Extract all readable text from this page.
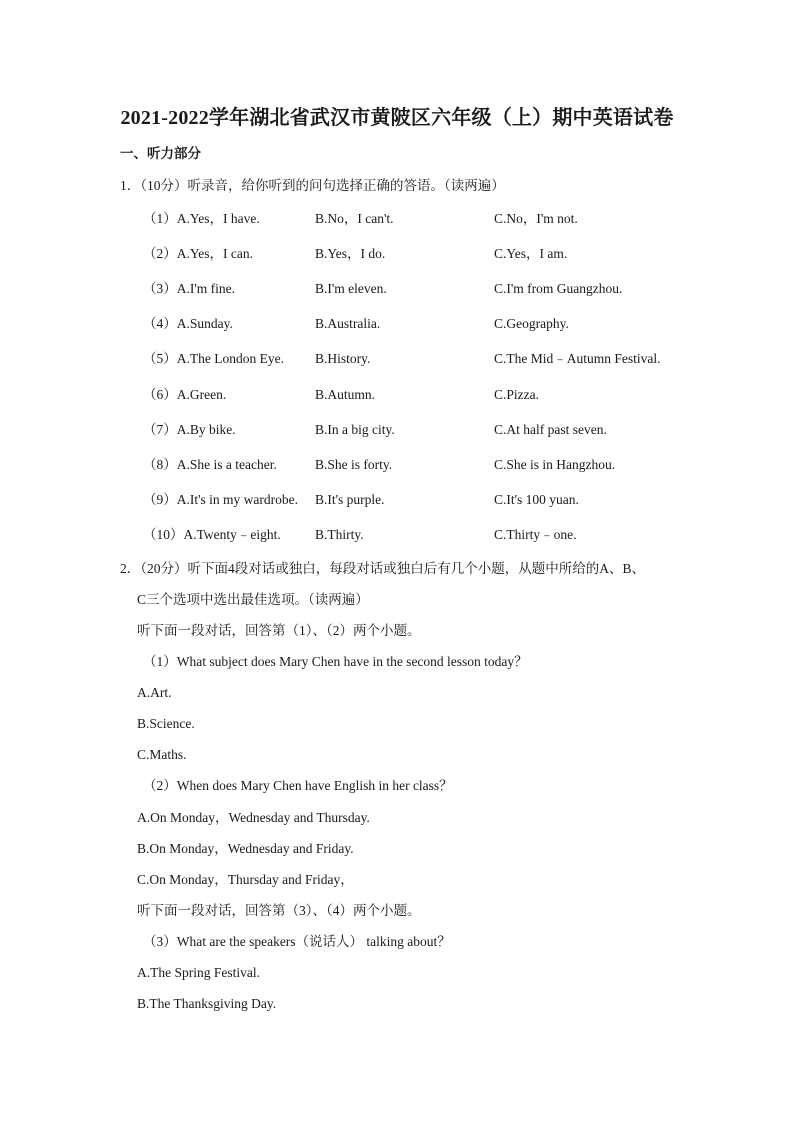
2021-2022学年湖北省武汉市黄陂区六年级（上）期中英语试卷
一、听力部分
1．（10分）听录音，给你听到的问句选择正确的答语。（读两遍）
（1）A.Yes，I have.	B.No，I can't.	C.No，I'm not.
（2）A.Yes，I can.	B.Yes，I do.	C.Yes，I am.
（3）A.I'm fine.	B.I'm eleven.	C.I'm from Guangzhou.
（4）A.Sunday.	B.Australia.	C.Geography.
（5）A.The London Eye. B.History.	C.The Mid﹣Autumn Festival.
（6）A.Green.	B.Autumn.	C.Pizza.
（7）A.By bike.	B.In a big city.	C.At half past seven.
（8）A.She is a teacher.	B.She is forty.	C.She is in Hangzhou.
（9）A.It's in my wardrobe. B.It's purple.	C.It's 100 yuan.
（10）A.Twenty﹣eight.	B.Thirty.	C.Thirty﹣one.
2．（20分）听下面4段对话或独白，每段对话或独白后有几个小题，从题中所给的A、B、
C三个选项中选出最佳选项。（读两遍）
听下面一段对话，回答第（1）、（2）两个小题。
（1）What subject does Mary Chen have in the second lesson today？
A.Art.
B.Science.
C.Maths.
（2）When does Mary Chen have English in her class？
A.On Monday，Wednesday and Thursday.
B.On Monday，Wednesday and Friday.
C.On Monday，Thursday and Friday，
听下面一段对话，回答第（3）、（4）两个小题。
（3）What are the speakers（说话人） talking about？
A.The Spring Festival.
B.The Thanksgiving Day.
